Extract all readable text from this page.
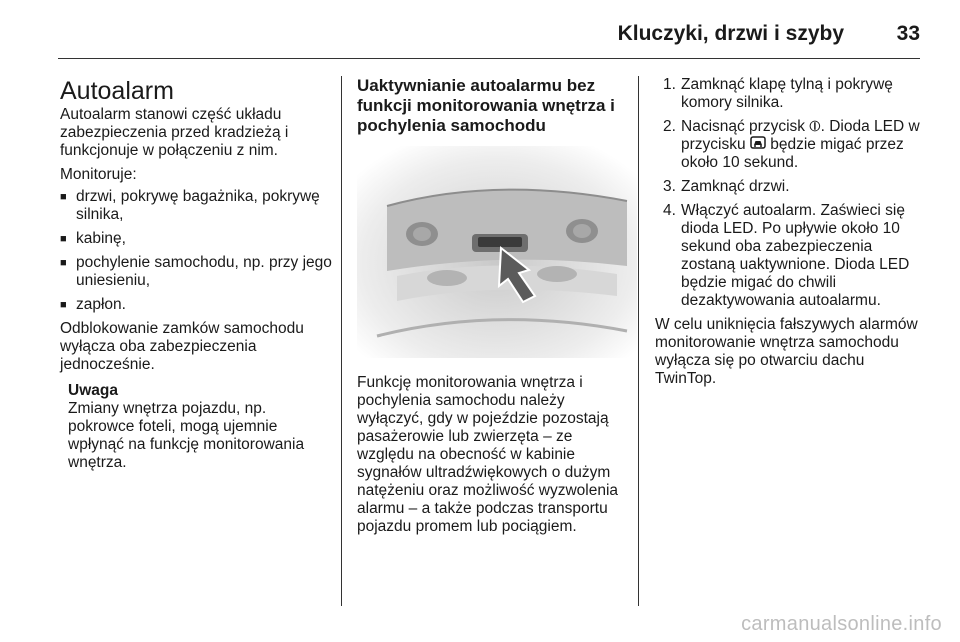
Kluczyki, drzwi i szyby	33
Autoalarm

Autoalarm stanowi część układu zabezpieczenia przed kradzieżą i funkcjonuje w połączeniu z nim.

Monitoruje:

■ drzwi, pokrywę bagażnika, pokrywę silnika,
■ kabinę,
■ pochylenie samochodu, np. przy jego uniesieniu,
■ zapłon.

Odblokowanie zamków samochodu wyłącza oba zabezpieczenia jednocześnie.

Uwaga
Zmiany wnętrza pojazdu, np. pokrowce foteli, mogą ujemnie wpłynąć na funkcję monitorowania wnętrza.
Uaktywnianie autoalarmu bez funkcji monitorowania wnętrza i pochylenia samochodu

Funkcję monitorowania wnętrza i pochylenia samochodu należy wyłączyć, gdy w pojeździe pozostają pasażerowie lub zwierzęta – ze względu na obecność w kabinie sygnałów ultradźwiękowych o dużym natężeniu oraz możliwość wyzwolenia alarmu – a także podczas transportu pojazdu promem lub pociągiem.

1. Zamknąć klapę tylną i pokrywę komory silnika.
2. Nacisnąć przycisk ⦶. Dioda LED w przycisku  będzie migać przez około 10 sekund.
3. Zamknąć drzwi.
4. Włączyć autoalarm. Zaświeci się dioda LED. Po upływie około 10 sekund oba zabezpieczenia zostaną uaktywnione. Dioda LED będzie migać do chwili dezaktywowania autoalarmu.

W celu uniknięcia fałszywych alarmów monitorowanie wnętrza samochodu wyłącza się po otwarciu dachu TwinTop.

carmanualsonline.info
